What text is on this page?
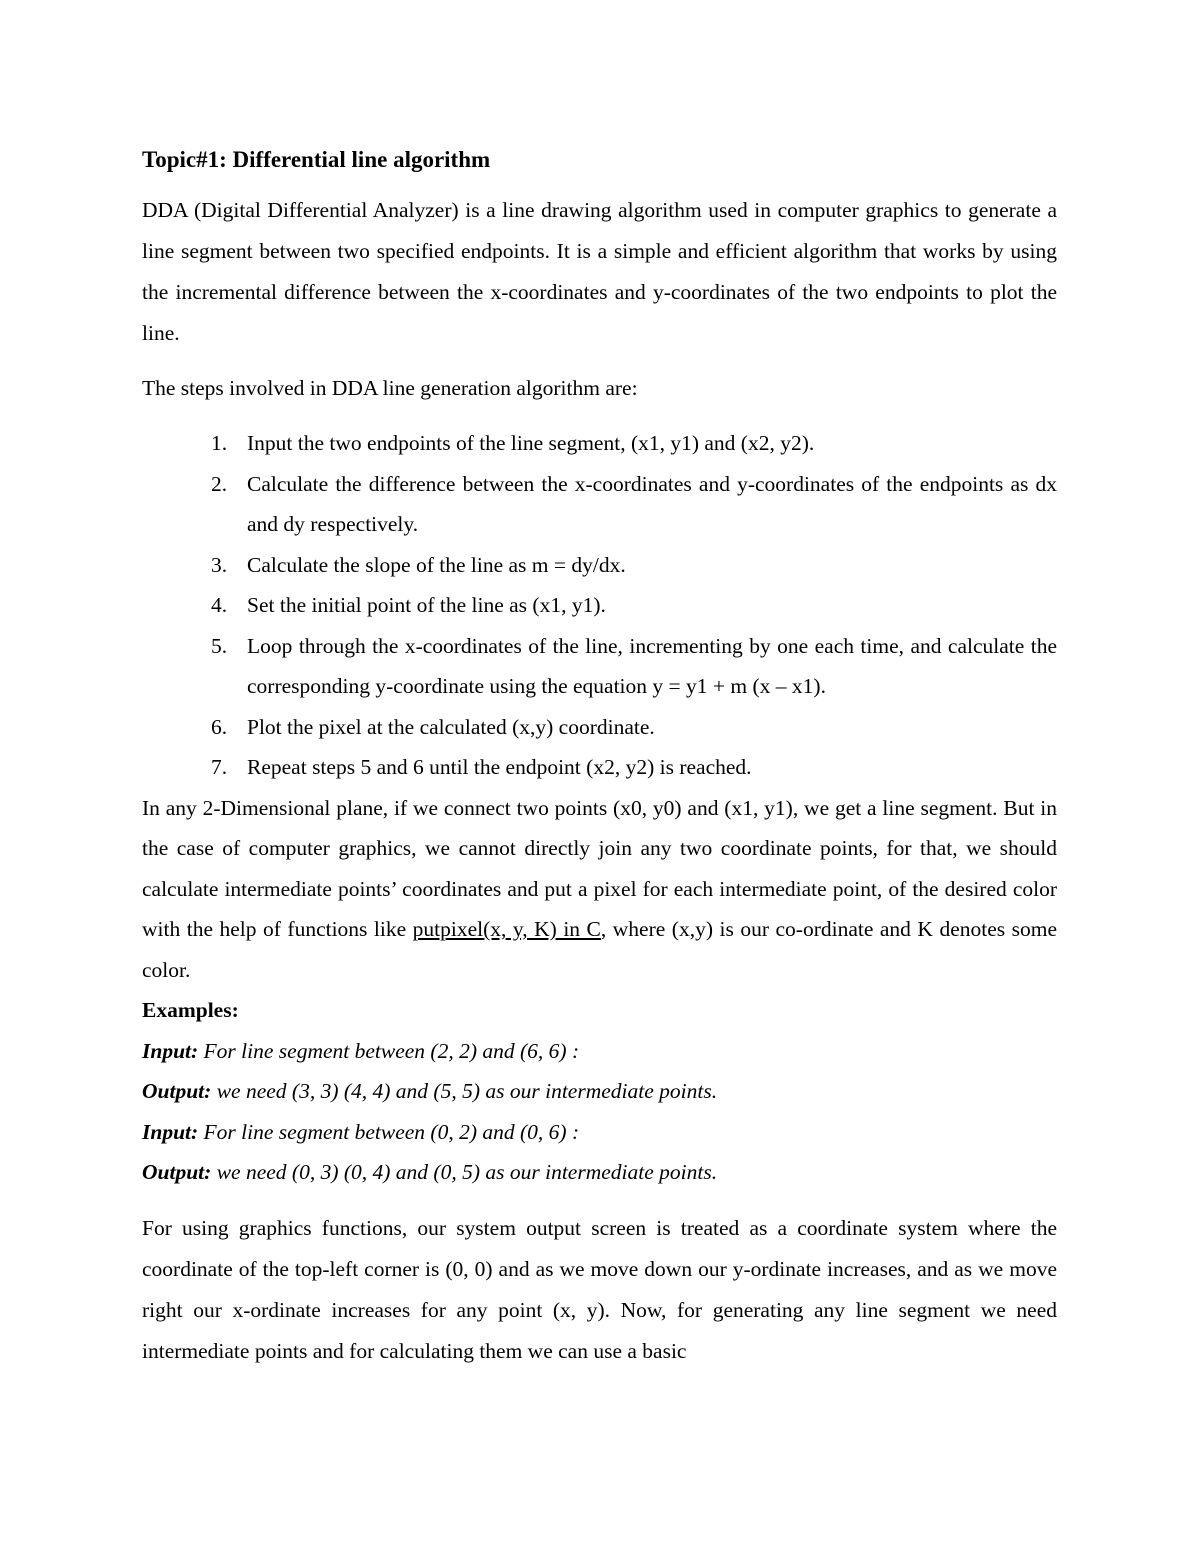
Topic#1: Differential line algorithm

DDA (Digital Differential Analyzer) is a line drawing algorithm used in computer graphics to generate a line segment between two specified endpoints. It is a simple and efficient algorithm that works by using the incremental difference between the x-coordinates and y-coordinates of the two endpoints to plot the line.

The steps involved in DDA line generation algorithm are:

1. Input the two endpoints of the line segment, (x1, y1) and (x2, y2).
2. Calculate the difference between the x-coordinates and y-coordinates of the endpoints as dx and dy respectively.
3. Calculate the slope of the line as m = dy/dx.
4. Set the initial point of the line as (x1, y1).
5. Loop through the x-coordinates of the line, incrementing by one each time, and calculate the corresponding y-coordinate using the equation y = y1 + m (x – x1).
6. Plot the pixel at the calculated (x,y) coordinate.
7. Repeat steps 5 and 6 until the endpoint (x2, y2) is reached.

In any 2-Dimensional plane, if we connect two points (x0, y0) and (x1, y1), we get a line segment. But in the case of computer graphics, we cannot directly join any two coordinate points, for that, we should calculate intermediate points’ coordinates and put a pixel for each intermediate point, of the desired color with the help of functions like putpixel(x, y, K) in C, where (x,y) is our co-ordinate and K denotes some color.

Examples:
Input: For line segment between (2, 2) and (6, 6) :
Output: we need (3, 3) (4, 4) and (5, 5) as our intermediate points.
Input: For line segment between (0, 2) and (0, 6) :
Output: we need (0, 3) (0, 4) and (0, 5) as our intermediate points.

For using graphics functions, our system output screen is treated as a coordinate system where the coordinate of the top-left corner is (0, 0) and as we move down our y-ordinate increases, and as we move right our x-ordinate increases for any point (x, y). Now, for generating any line segment we need intermediate points and for calculating them we can use a basic
